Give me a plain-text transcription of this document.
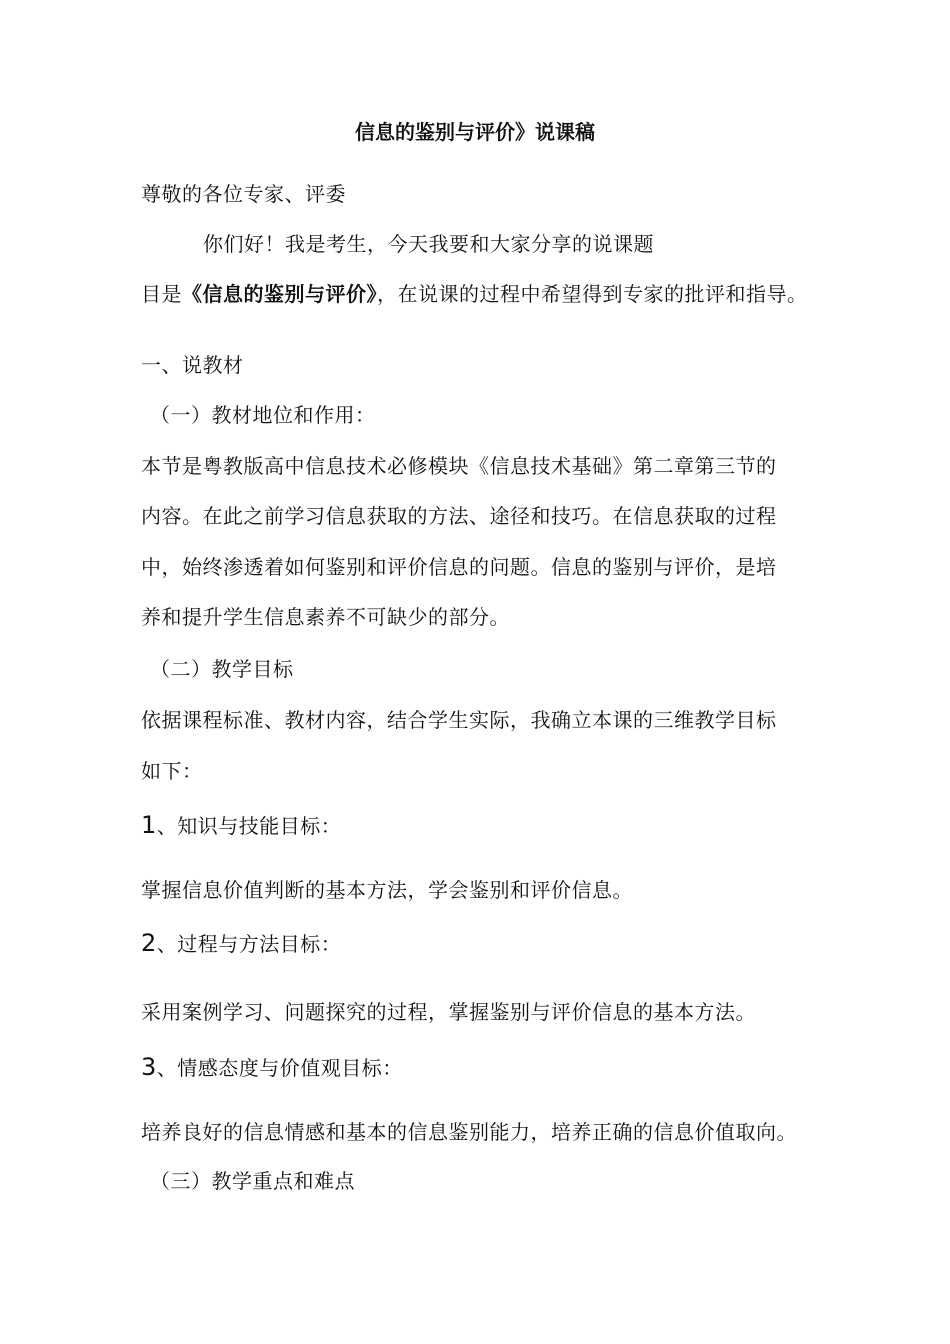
信息的鉴别与评价》说课稿
尊敬的各位专家、评委
你们好！我是考生，今天我要和大家分享的说课题
目是《信息的鉴别与评价》，在说课的过程中希望得到专家的批评和指导。
一、说教材
（一）教材地位和作用：
本节是粤教版高中信息技术必修模块《信息技术基础》第二章第三节的
内容。在此之前学习信息获取的方法、途径和技巧。在信息获取的过程
中，始终渗透着如何鉴别和评价信息的问题。信息的鉴别与评价，是培
养和提升学生信息素养不可缺少的部分。
（二）教学目标
依据课程标准、教材内容，结合学生实际，我确立本课的三维教学目标
如下：
1、知识与技能目标：
掌握信息价值判断的基本方法，学会鉴别和评价信息。
2、过程与方法目标：
采用案例学习、问题探究的过程，掌握鉴别与评价信息的基本方法。
3、情感态度与价值观目标：
培养良好的信息情感和基本的信息鉴别能力，培养正确的信息价值取向。
（三）教学重点和难点
